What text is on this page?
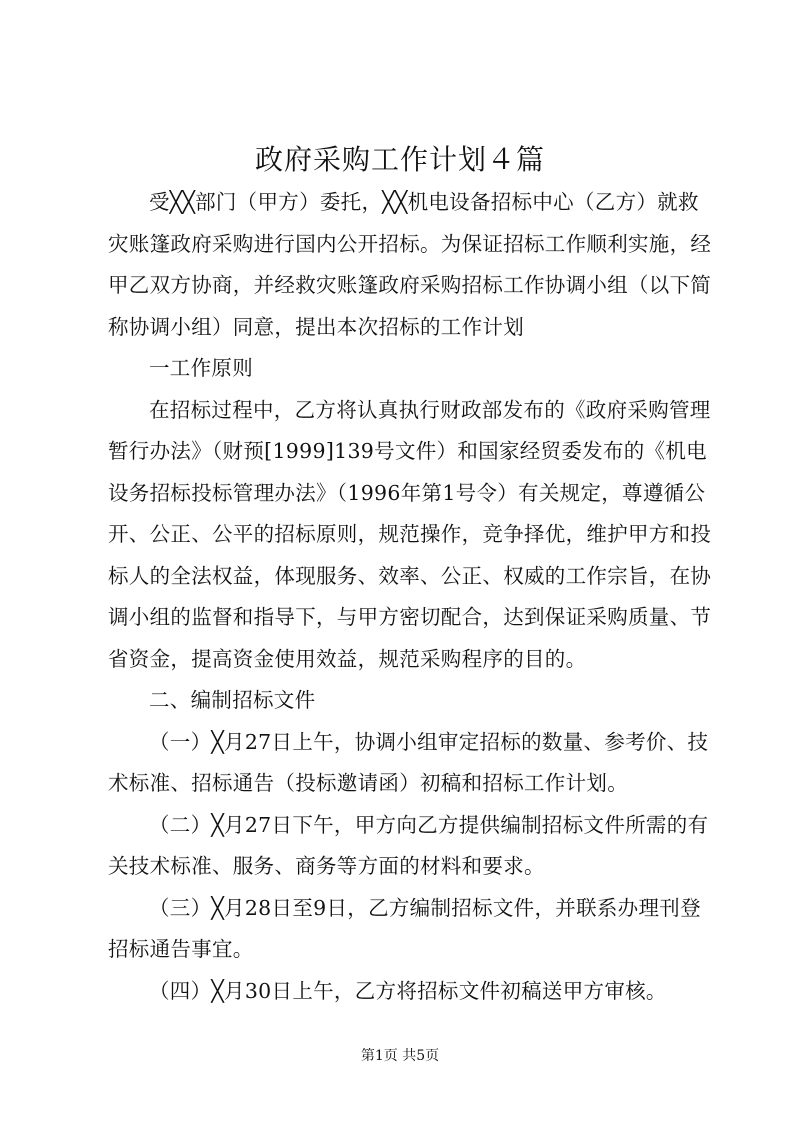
政府采购工作计划４篇

受╳╳部门（甲方）委托，╳╳机电设备招标中心（乙方）就救灾账篷政府采购进行国内公开招标。为保证招标工作顺利实施，经甲乙双方协商，并经救灾账篷政府采购招标工作协调小组（以下简称协调小组）同意，提出本次招标的工作计划

一工作原则

在招标过程中，乙方将认真执行财政部发布的《政府采购管理暂行办法》（财预[1999]139号文件）和国家经贸委发布的《机电设务招标投标管理办法》（1996年第1号令）有关规定，尊遵循公开、公正、公平的招标原则，规范操作，竞争择优，维护甲方和投标人的全法权益，体现服务、效率、公正、权威的工作宗旨，在协调小组的监督和指导下，与甲方密切配合，达到保证采购质量、节省资金，提高资金使用效益，规范采购程序的目的。

二、编制招标文件

（一）╳月27日上午，协调小组审定招标的数量、参考价、技术标准、招标通告（投标邀请函）初稿和招标工作计划。

（二）╳月27日下午，甲方向乙方提供编制招标文件所需的有关技术标准、服务、商务等方面的材料和要求。

（三）╳月28日至9日，乙方编制招标文件，并联系办理刊登招标通告事宜。

（四）╳月30日上午，乙方将招标文件初稿送甲方审核。

第1页 共5页
